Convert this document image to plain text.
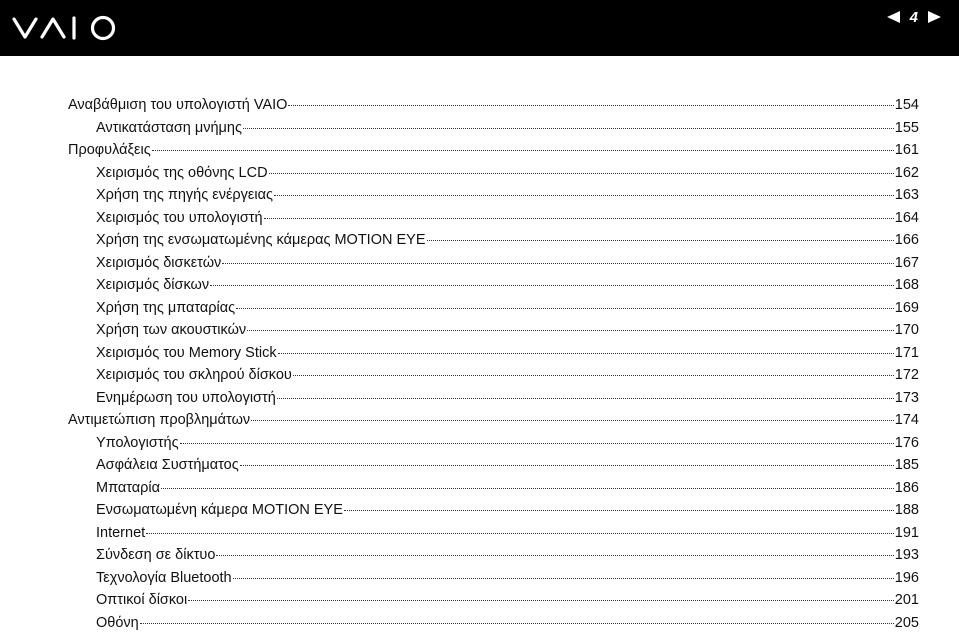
4
Αναβάθμιση του υπολογιστή VAIO	154
Αντικατάσταση μνήμης	155
Προφυλάξεις	161
Χειρισμός της οθόνης LCD	162
Χρήση της πηγής ενέργειας	163
Χειρισμός του υπολογιστή	164
Χρήση της ενσωματωμένης κάμερας MOTION EYE	166
Χειρισμός δισκετών	167
Χειρισμός δίσκων	168
Χρήση της μπαταρίας	169
Χρήση των ακουστικών	170
Χειρισμός του Memory Stick	171
Χειρισμός του σκληρού δίσκου	172
Ενημέρωση του υπολογιστή	173
Αντιμετώπιση προβλημάτων	174
Υπολογιστής	176
Ασφάλεια Συστήματος	185
Μπαταρία	186
Ενσωματωμένη κάμερα MOTION EYE	188
Internet	191
Σύνδεση σε δίκτυο	193
Τεχνολογία Bluetooth	196
Οπτικοί δίσκοι	201
Οθόνη	205
